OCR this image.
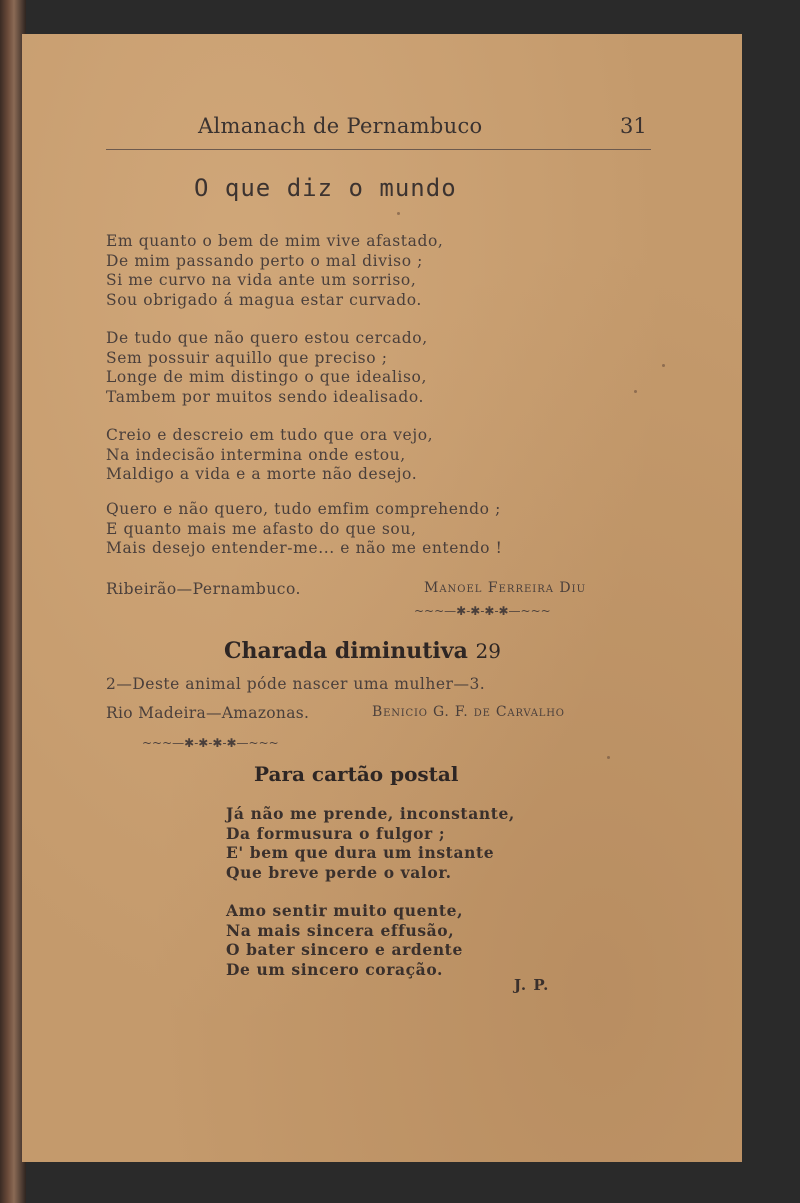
Almanach de Pernambuco	31
O que diz o mundo
Em quanto o bem de mim vive afastado,
De mim passando perto o mal diviso ;
Si me curvo na vida ante um sorriso,
Sou obrigado á magua estar curvado.
De tudo que não quero estou cercado,
Sem possuir aquillo que preciso ;
Longe de mim distingo o que idealiso,
Tambem por muitos sendo idealisado.
Creio e descreio em tudo que ora vejo,
Na indecisão intermina onde estou,
Maldigo a vida e a morte não desejo.
Quero e não quero, tudo emfim comprehendo ;
E quanto mais me afasto do que sou,
Mais desejo entender-me... e não me entendo !
Ribeirão—Pernambuco.	Manoel Ferreira Diu
~~~—✱-✱-✱-✱—~~~
Charada diminutiva 29
2—Deste animal póde nascer uma mulher—3.
Rio Madeira—Amazonas.	Benicio G. F. de Carvalho
~~~—✱-✱-✱-✱—~~~
Para cartão postal
Já não me prende, inconstante,
Da formusura o fulgor ;
E' bem que dura um instante
Que breve perde o valor.
Amo sentir muito quente,
Na mais sincera effusão,
O bater sincero e ardente
De um sincero coração.
J. P.
